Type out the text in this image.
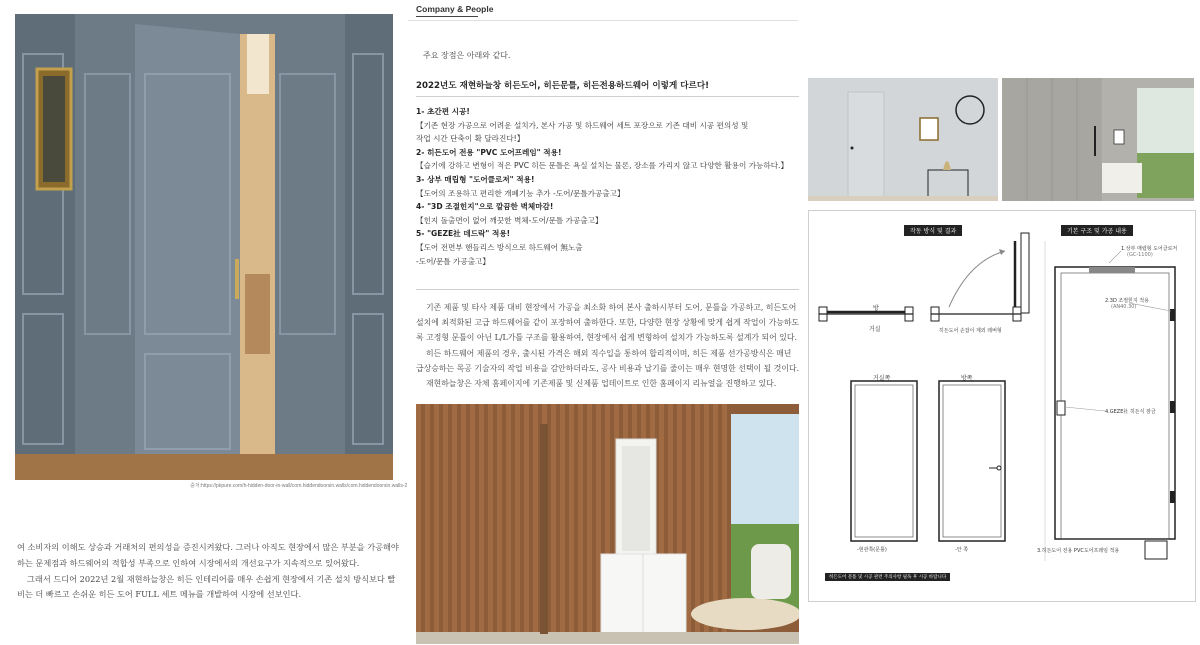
출처:https://pkpure.com/h-hidden-door-in-wall/com.hiddendoorsin.walls/com.hiddendoorsin.walls-2

여 소비자의 이해도 상승과 거래처의 편의성을 증진시켜왔다. 그러나 아직도 현장에서 많은 부분을 가공해야 하는 문제점과 하드웨어의 적합성 부족으로 인하여 시장에서의 개선요구가 지속적으로 있어왔다.

그래서 드디어 2022년 2월 재현하늘창은 히든 인테리어를 매우 손쉽게 현장에서 기존 설치 방식보다 빨비는 더 빠르고 손쉬운 히든 도어 FULL 세트 메뉴를 개발하여 시장에 선보인다.

Company & People
주요 장점은 아래와 같다.
2022년도 재현하늘창 히든도어, 히든문틀, 히든전용하드웨어 이렇게 다르다!
1- 초간편 시공!
【기존 현장 가공으로 어려운 설치가, 본사 가공 및 하드웨어 세트 포장으로 기존 대비 시공 편의성 및
작업 시간 단축이 확 달라진다!】
2- 히든도어 전용 "PVC 도어프레임" 적용!
【습기에 강하고 변형이 적은 PVC 히든 문틀은 욕실 설치는 물론, 장소를 가리지 않고 다양한 활용이 가능하다.】
3- 상부 매립형 "도어클로저" 적용!
【도어의 조용하고 편리한 개폐기능 추가 -도어/문틀가공출고】
4- "3D 조절힌지"으로 깔끔한 벽체마감!
【힌지 돌출면이 없어 깨끗한 벽체-도어/문틀 가공출고】
5- "GEZE社 데드락" 적용!
【도어 전면부 핸들리스 방식으로 하드웨어 無노출
-도어/문틀 가공출고】

기존 제품 및 타사 제품 대비 현장에서 가공을 최소화 하여 본사 출하시부터 도어, 문틀을 가공하고, 히든도어 설치에 최적화된 고급 하드웨어를 같이 포장하여 출하한다. 또한, 다양한 현장 상황에 맞게 쉽게 작업이 가능하도록 고정형 문틀이 아닌 L/L가틀 구조를 활용하여, 현장에서 쉽게 변형하여 설치가 가능하도록 설계가 되어 있다.

히든 하드웨어 제품의 경우, 출시된 가격은 해외 직수입을 통하여 합리적이며, 히든 제품 선가공방식은 매년 급상승하는 목공 기술자의 작업 비용을 감안하더라도, 공사 비용과 납기를 줄이는 매우 현명한 선택이 될 것이다.

재현하늘창은 자체 홈페이지에 기존제품 및 신제품 업데이트로 인한 홈페이지 리뉴얼을 진행하고 있다.

작동 방식 및 결과	기본 구조 및 가공 내용
방
거실	히든도어 손잡이 제외 레버형
거실쪽	방쪽
-현관쪽(문틀)	-안 쪽
1.상부 매립형 도어클로저
(GC-1100)
2.3D 조절힌지 적용
(AN40.30)
4.GEZE社 히든식 잠금
3.히든도어 전용 PVC도어프레임 적용
히든도어 문틀 및 시공 관련 주의사항 필독 후 시공 바랍니다
